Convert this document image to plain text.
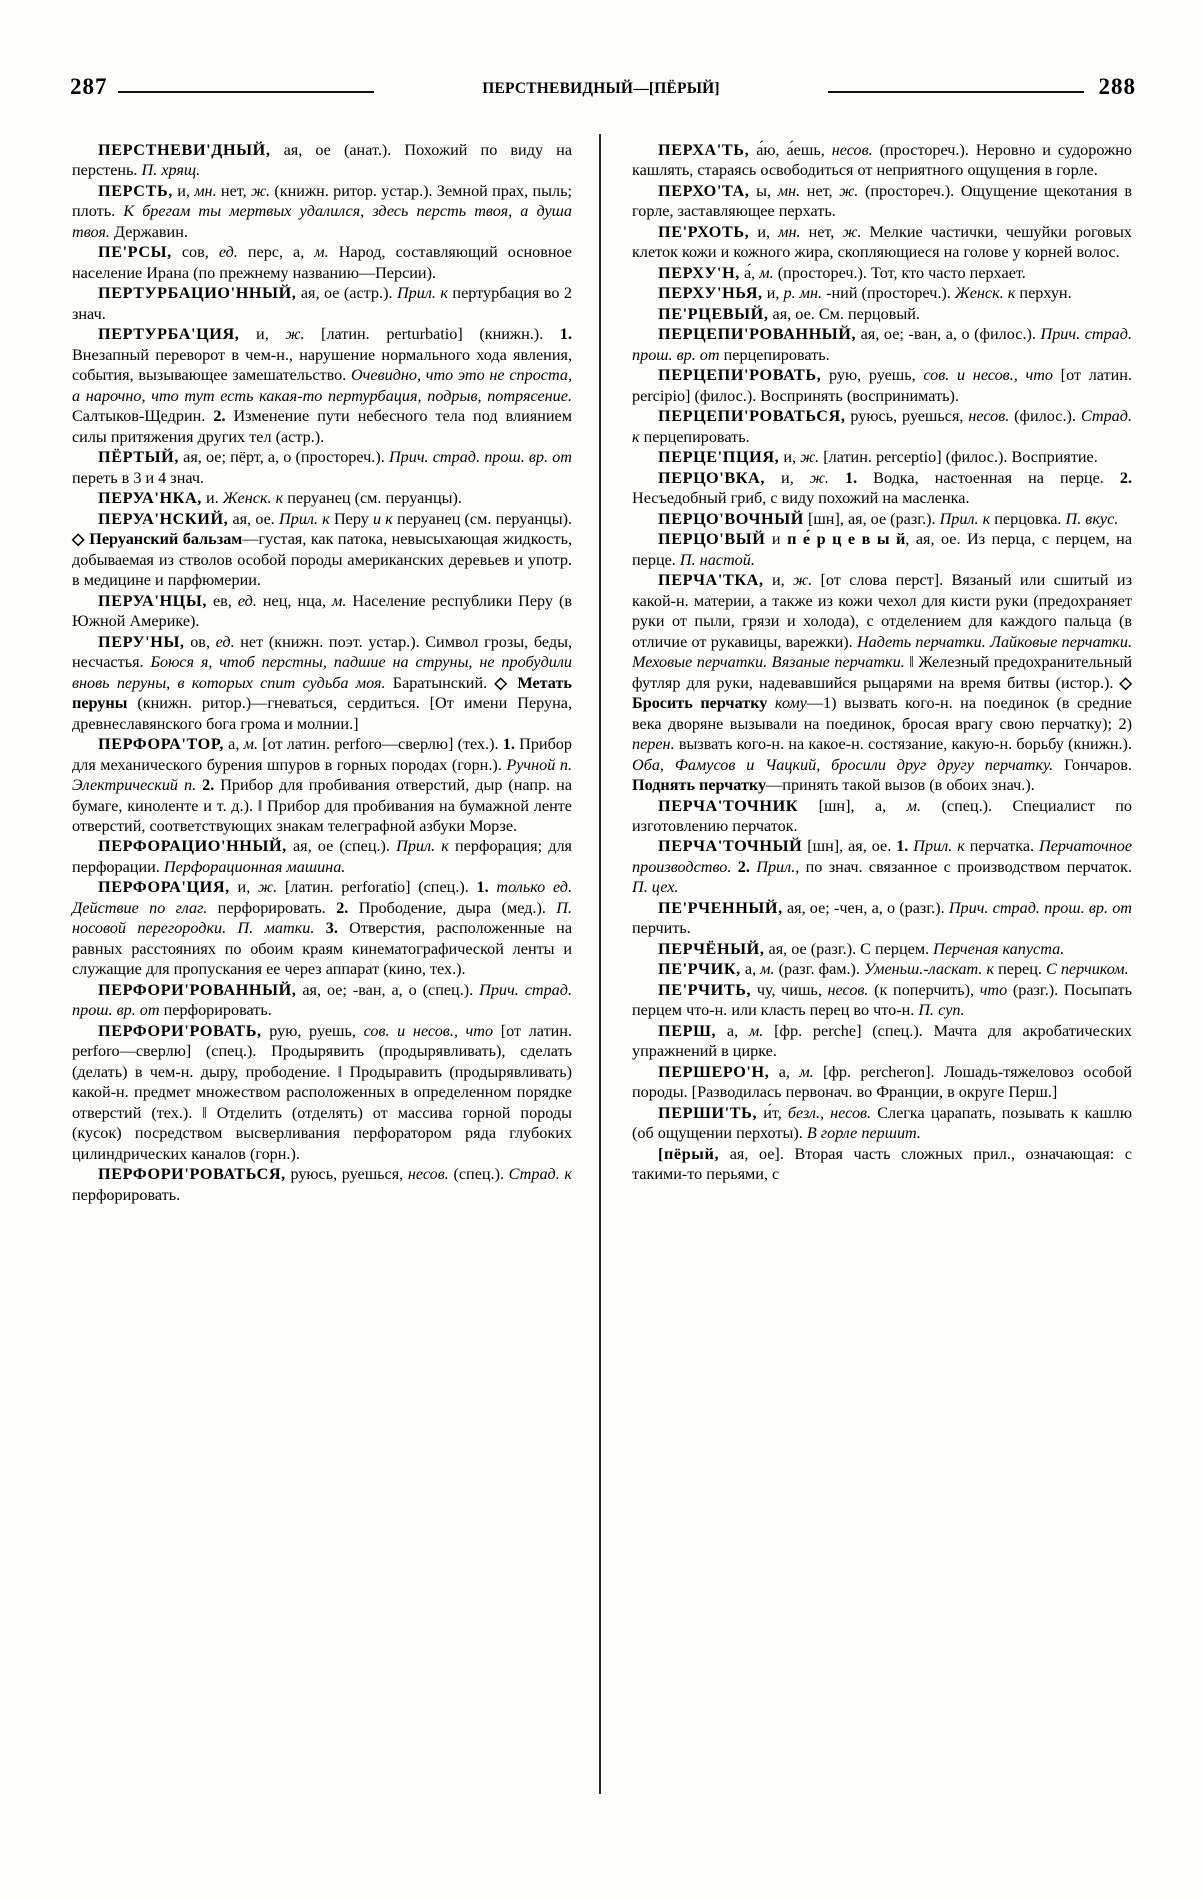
287	ПЕРСТНЕВИДНЫЙ—[ПЁРЫЙ]	288

ПЕРСТНЕВИ'ДНЫЙ, ая, ое (анат.). Похожий по виду на перстень. П. хрящ.

ПЕРСТЬ, и, мн. нет, ж. (книжн. ритор. устар.). Земной прах, пыль; плоть. К брегам ты мертвых удалился, здесь персть твоя, а душа твоя. Державин.

ПЕ'РСЫ, сов, ед. перс, а, м. Народ, составляющий основное население Ирана (по прежнему названию—Персии).

ПЕРТУРБАЦИО'ННЫЙ, ая, ое (астр.). Прил. к пертурбация во 2 знач.

ПЕРТУРБА'ЦИЯ, и, ж. [латин. perturbatio] (книжн.). 1. Внезапный переворот в чем-н., нарушение нормального хода явления, события, вызывающее замешательство. Очевидно, что это не спроста, а нарочно, что тут есть какая-то пертурбация, подрыв, потрясение. Салтыков-Щедрин. 2. Изменение пути небесного тела под влиянием силы притяжения других тел (астр.).

ПЁРТЫЙ, ая, ое; пёрт, а, о (простореч.). Прич. страд. прош. вр. от переть в 3 и 4 знач.

ПЕРУА'НКА, и. Женск. к перуанец (см. перуанцы).

ПЕРУА'НСКИЙ, ая, ое. Прил. к Перу и к перуанец (см. перуанцы). ◇ Перуанский бальзам—густая, как патока, невысыхающая жидкость, добываемая из стволов особой породы американских деревьев и употр. в медицине и парфюмерии.

ПЕРУА'НЦЫ, ев, ед. нец, нца, м. Население республики Перу (в Южной Америке).

ПЕРУ'НЫ, ов, ед. нет (книжн. поэт. устар.). Символ грозы, беды, несчастья. Боюся я, чтоб перстны, падшие на струны, не пробудили вновь перуны, в которых спит судьба моя. Баратынский. ◇ Метать перуны (книжн. ритор.)—гневаться, сердиться. [От имени Перуна, древнеславянского бога грома и молнии.]

ПЕРФОРА'ТОР, а, м. [от латин. perforo—сверлю] (тех.). 1. Прибор для механического бурения шпуров в горных породах (горн.). Ручной п. Электрический п. 2. Прибор для пробивания отверстий, дыр (напр. на бумаге, киноленте и т. д.). ‖ Прибор для пробивания на бумажной ленте отверстий, соответствующих знакам телеграфной азбуки Морзе.

ПЕРФОРАЦИО'ННЫЙ, ая, ое (спец.). Прил. к перфорация; для перфорации. Перфорационная машина.

ПЕРФОРА'ЦИЯ, и, ж. [латин. perforatio] (спец.). 1. только ед. Действие по глаг. перфорировать. 2. Прободение, дыра (мед.). П. носовой перегородки. П. матки. 3. Отверстия, расположенные на равных расстояниях по обоим краям кинематографической ленты и служащие для пропускания ее через аппарат (кино, тех.).

ПЕРФОРИ'РОВАННЫЙ, ая, ое; -ван, а, о (спец.). Прич. страд. прош. вр. от перфорировать.

ПЕРФОРИ'РОВАТЬ, рую, руешь, сов. и несов., что [от латин. perforo—сверлю] (спец.). Продырявить (продырявливать), сделать (делать) в чем-н. дыру, прободение. ‖ Продыравить (продырявливать) какой-н. предмет множеством расположенных в определенном порядке отверстий (тех.). ‖ Отделить (отделять) от массива горной породы (кусок) посредством высверливания перфоратором ряда глубоких цилиндрических каналов (горн.).

ПЕРФОРИ'РОВАТЬСЯ, руюсь, руешься, несов. (спец.). Страд. к перфорировать.

ПЕРХА'ТЬ, а́ю, а́ешь, несов. (простореч.). Неровно и судорожно кашлять, стараясь освободиться от неприятного ощущения в горле.

ПЕРХО'ТА, ы, мн. нет, ж. (простореч.). Ощущение щекотания в горле, заставляющее перхать.

ПЕ'РХОТЬ, и, мн. нет, ж. Мелкие частички, чешуйки роговых клеток кожи и кожного жира, скопляющиеся на голове у корней волос.

ПЕРХУ'Н, а́, м. (простореч.). Тот, кто часто перхает.

ПЕРХУ'НЬЯ, и, р. мн. -ний (простореч.). Женск. к перхун.

ПЕ'РЦЕВЫЙ, ая, ое. См. перцовый.

ПЕРЦЕПИ'РОВАННЫЙ, ая, ое; -ван, а, о (филос.). Прич. страд. прош. вр. от перцепировать.

ПЕРЦЕПИ'РОВАТЬ, рую, руешь, сов. и несов., что [от латин. percipio] (филос.). Воспринять (воспринимать).

ПЕРЦЕПИ'РОВАТЬСЯ, руюсь, руешься, несов. (филос.). Страд. к перцепировать.

ПЕРЦЕ'ПЦИЯ, и, ж. [латин. perceptio] (филос.). Восприятие.

ПЕРЦО'ВКА, и, ж. 1. Водка, настоенная на перце. 2. Несъедобный гриб, с виду похожий на масленка.

ПЕРЦО'ВОЧНЫЙ [шн], ая, ое (разг.). Прил. к перцовка. П. вкус.

ПЕРЦО'ВЫЙ и п е́ р ц е в ы й, ая, ое. Из перца, с перцем, на перце. П. настой.

ПЕРЧА'ТКА, и, ж. [от слова перст]. Вязаный или сшитый из какой-н. материи, а также из кожи чехол для кисти руки (предохраняет руки от пыли, грязи и холода), с отделением для каждого пальца (в отличие от рукавицы, варежки). Надеть перчатки. Лайковые перчатки. Меховые перчатки. Вязаные перчатки. ‖ Железный предохранительный футляр для руки, надевавшийся рыцарями на время битвы (истор.). ◇ Бросить перчатку кому—1) вызвать кого-н. на поединок (в средние века дворяне вызывали на поединок, бросая врагу свою перчатку); 2) перен. вызвать кого-н. на какое-н. состязание, какую-н. борьбу (книжн.). Оба, Фамусов и Чацкий, бросили друг другу перчатку. Гончаров. Поднять перчатку—принять такой вызов (в обоих знач.).

ПЕРЧА'ТОЧНИК [шн], а, м. (спец.). Специалист по изготовлению перчаток.

ПЕРЧА'ТОЧНЫЙ [шн], ая, ое. 1. Прил. к перчатка. Перчаточное производство. 2. Прил., по знач. связанное с производством перчаток. П. цех.

ПЕ'РЧЕННЫЙ, ая, ое; -чен, а, о (разг.). Прич. страд. прош. вр. от перчить.

ПЕРЧЁНЫЙ, ая, ое (разг.). С перцем. Перченая капуста.

ПЕ'РЧИК, а, м. (разг. фам.). Уменьш.-ласкат. к перец. С перчиком.

ПЕ'РЧИТЬ, чу, чишь, несов. (к поперчить), что (разг.). Посыпать перцем что-н. или класть перец во что-н. П. суп.

ПЕРШ, а, м. [фр. perche] (спец.). Мачта для акробатических упражнений в цирке.

ПЕРШЕРО'Н, а, м. [фр. percheron]. Лошадь-тяжеловоз особой породы. [Разводилась первонач. во Франции, в округе Перш.]

ПЕРШИ'ТЬ, и́т, безл., несов. Слегка царапать, позывать к кашлю (об ощущении перхоты). В горле першит.

[пёрый, ая, ое]. Вторая часть сложных прил., означающая: с такими-то перьями, с
